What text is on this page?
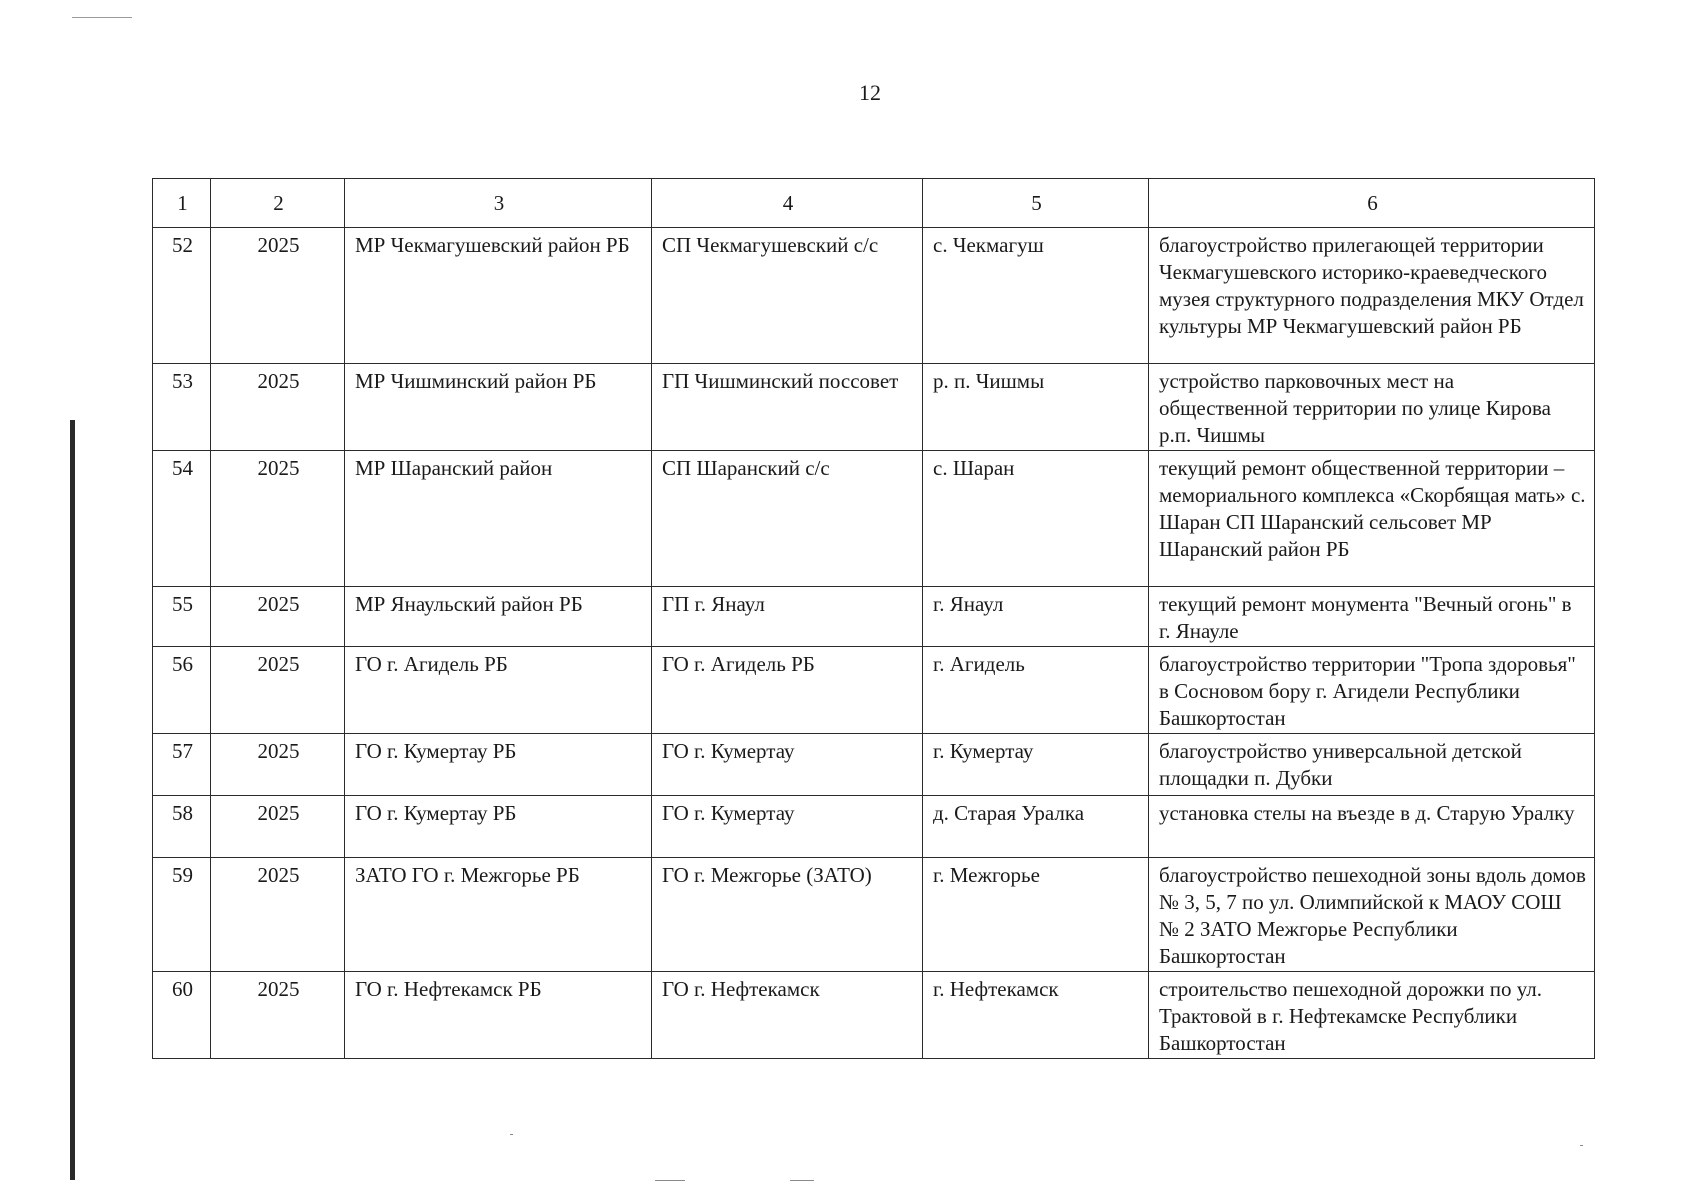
12
1	2	3	4	5	6
52	2025	МР Чекмагушевский район РБ	СП Чекмагушевский с/с	с. Чекмагуш	благоустройство прилегающей территории Чекмагушевского историко-краеведческого музея структурного подразделения МКУ Отдел культуры МР Чекмагушевский район РБ
53	2025	МР Чишминский район РБ	ГП Чишминский поссовет	р. п. Чишмы	устройство парковочных мест на общественной территории по улице Кирова р.п. Чишмы
54	2025	МР Шаранский район	СП Шаранский с/с	с. Шаран	текущий ремонт общественной территории – мемориального комплекса «Скорбящая мать» с. Шаран СП Шаранский сельсовет МР Шаранский район РБ
55	2025	МР Янаульский район РБ	ГП г. Янаул	г. Янаул	текущий ремонт монумента "Вечный огонь" в г. Янауле
56	2025	ГО г. Агидель РБ	ГО г. Агидель РБ	г. Агидель	благоустройство территории "Тропа здоровья" в Сосновом бору г. Агидели Республики Башкортостан
57	2025	ГО г. Кумертау РБ	ГО г. Кумертау	г. Кумертау	благоустройство универсальной детской площадки п. Дубки
58	2025	ГО г. Кумертау РБ	ГО г. Кумертау	д. Старая Уралка	установка стелы на въезде в д. Старую Уралку
59	2025	ЗАТО ГО г. Межгорье РБ	ГО г. Межгорье (ЗАТО)	г. Межгорье	благоустройство пешеходной зоны вдоль домов № 3, 5, 7 по ул. Олимпийской к МАОУ СОШ № 2 ЗАТО Межгорье Республики Башкортостан
60	2025	ГО г. Нефтекамск РБ	ГО г. Нефтекамск	г. Нефтекамск	строительство пешеходной дорожки по ул. Трактовой в г. Нефтекамске Республики Башкортостан
